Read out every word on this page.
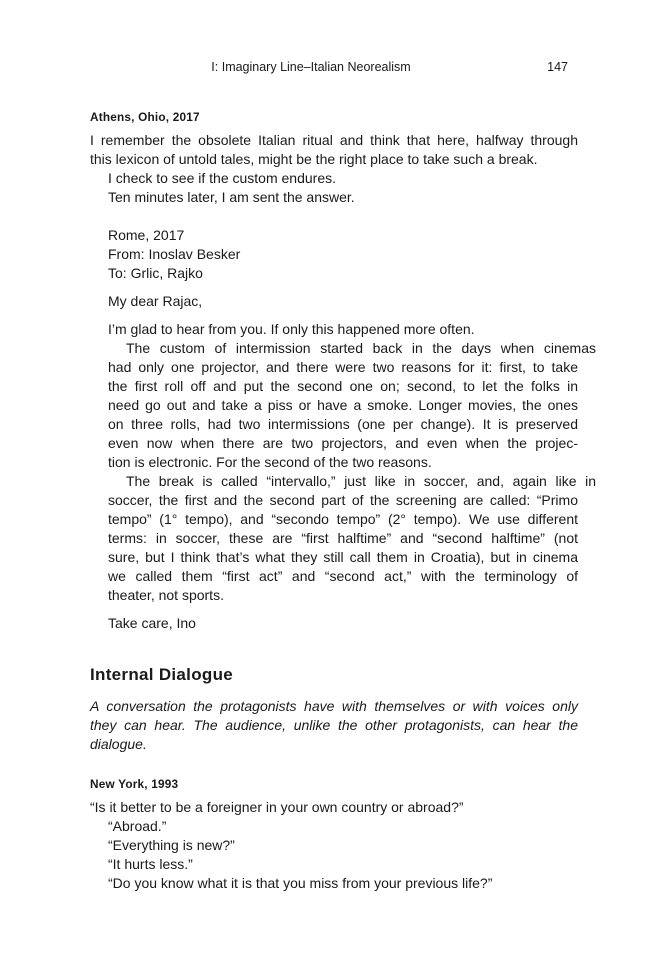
I: Imaginary Line–Italian Neorealism	147
Athens, Ohio, 2017
I remember the obsolete Italian ritual and think that here, halfway through
this lexicon of untold tales, might be the right place to take such a break.
I check to see if the custom endures.
Ten minutes later, I am sent the answer.
Rome, 2017
From: Inoslav Besker
To: Grlic, Rajko
My dear Rajac,
I’m glad to hear from you. If only this happened more often.
The custom of intermission started back in the days when cinemas
had only one projector, and there were two reasons for it: first, to take
the first roll off and put the second one on; second, to let the folks in
need go out and take a piss or have a smoke. Longer movies, the ones
on three rolls, had two intermissions (one per change). It is preserved
even now when there are two projectors, and even when the projec-
tion is electronic. For the second of the two reasons.
The break is called “intervallo,” just like in soccer, and, again like in
soccer, the first and the second part of the screening are called: “Primo
tempo” (1° tempo), and “secondo tempo” (2° tempo). We use different
terms: in soccer, these are “first halftime” and “second halftime” (not
sure, but I think that’s what they still call them in Croatia), but in cinema
we called them “first act” and “second act,” with the terminology of
theater, not sports.
Take care, Ino
Internal Dialogue
A conversation the protagonists have with themselves or with voices only
they can hear. The audience, unlike the other protagonists, can hear the
dialogue.
New York, 1993
“Is it better to be a foreigner in your own country or abroad?”
“Abroad.”
“Everything is new?”
“It hurts less.”
“Do you know what it is that you miss from your previous life?”
